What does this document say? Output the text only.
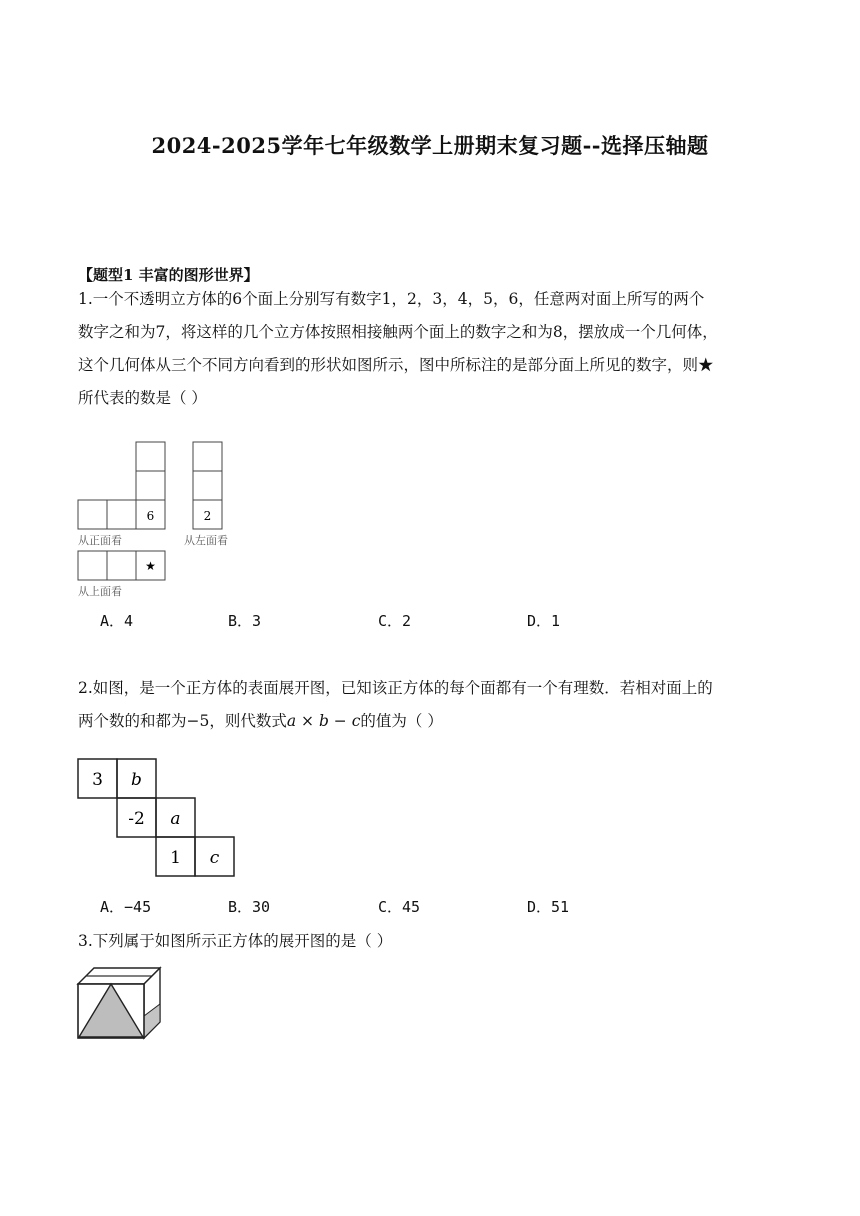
2024-2025学年七年级数学上册期末复习题--选择压轴题
【题型1 丰富的图形世界】
1.一个不透明立方体的6个面上分别写有数字1，2，3，4，5，6，任意两对面上所写的两个
数字之和为7，将这样的几个立方体按照相接触两个面上的数字之和为8，摆放成一个几何体，
这个几何体从三个不同方向看到的形状如图所示，图中所标注的是部分面上所见的数字，则★
所代表的数是（ ）
6	2
★
从正面看	从左面看
从上面看
A．4	B．3	C．2	D．1
2.如图，是一个正方体的表面展开图，已知该正方体的每个面都有一个有理数．若相对面上的
两个数的和都为−5，则代数式a × b − c的值为（ ）
3 b
-2 a
1 c
A．−45	B．30	C．45	D．51
3.下列属于如图所示正方体的展开图的是（ ）
